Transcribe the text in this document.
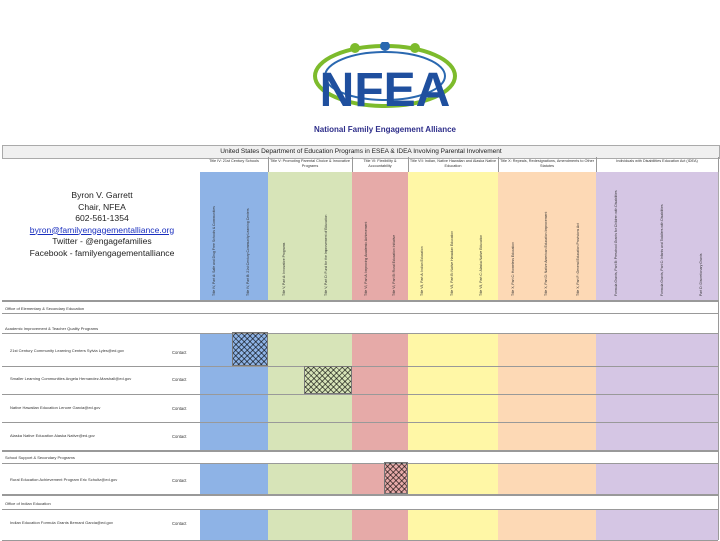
NFEA
National Family Engagement Alliance
United States Department of Education Programs in ESEA & IDEA Involving Parental Involvement
Byron V. Garrett
Chair, NFEA
602-561-1354
byron@familyengagementalliance.org
Twitter - @engagefamilies
Facebook - familyengagementalliance
Title IV: 21st Century Schools	Title V: Promoting Parental Choice & Innovative Programs
Title VI: Flexibility & Accountability
Title VII: Indian, Native Hawaiian and Alaska Native Education
Title X: Repeals, Redesignations, Amendments to Other Statutes
Individuals with Disabilities Education Act (IDEA)
Title IV, Part A: Safe and Drug Free Schools & Communities	Title IV, Part B: 21st Century Community Learning Centers	Title V, Part A: Innovative Programs	Title V, Part D: Fund for the Improvement of Education	Title VI, Part A: Improving Academic Achievement	Title VI, Part B: Rural Education Initiative	Title VII, Part A: Indian Education	Title VII, Part B: Native Hawaiian Education	Title VII, Part C: Alaska Native Education	Title X, Part C: Homeless Education	Title X, Part D: Native American Education Improvement	Title X, Part F: General Education Provisions Act	Formula Grants, Part B: Preschool Grants for Children with Disabilities	Formula Grants, Part C: Infants and Toddlers with Disabilities	Part D: Discretionary Grants
Office of Elementary & Secondary Education
Academic Improvement & Teacher Quality Programs
School Support & Secondary Programs
Office of Indian Education
21st Century Community Learning Centers Sylvia Lyles@ed.gov	Contact
Smaller Learning Communities Angela Hernandez-Marshall@ed.gov	Contact
Native Hawaiian Education Lenore Garcia@ed.gov	Contact
Alaska Native Education Alaska Native@ed.gov	Contact
Rural Education Achievement Program Eric Schultz@ed.gov	Contact
Indian Education Formula Grants Bernard Garcia@ed.gov	Contact
